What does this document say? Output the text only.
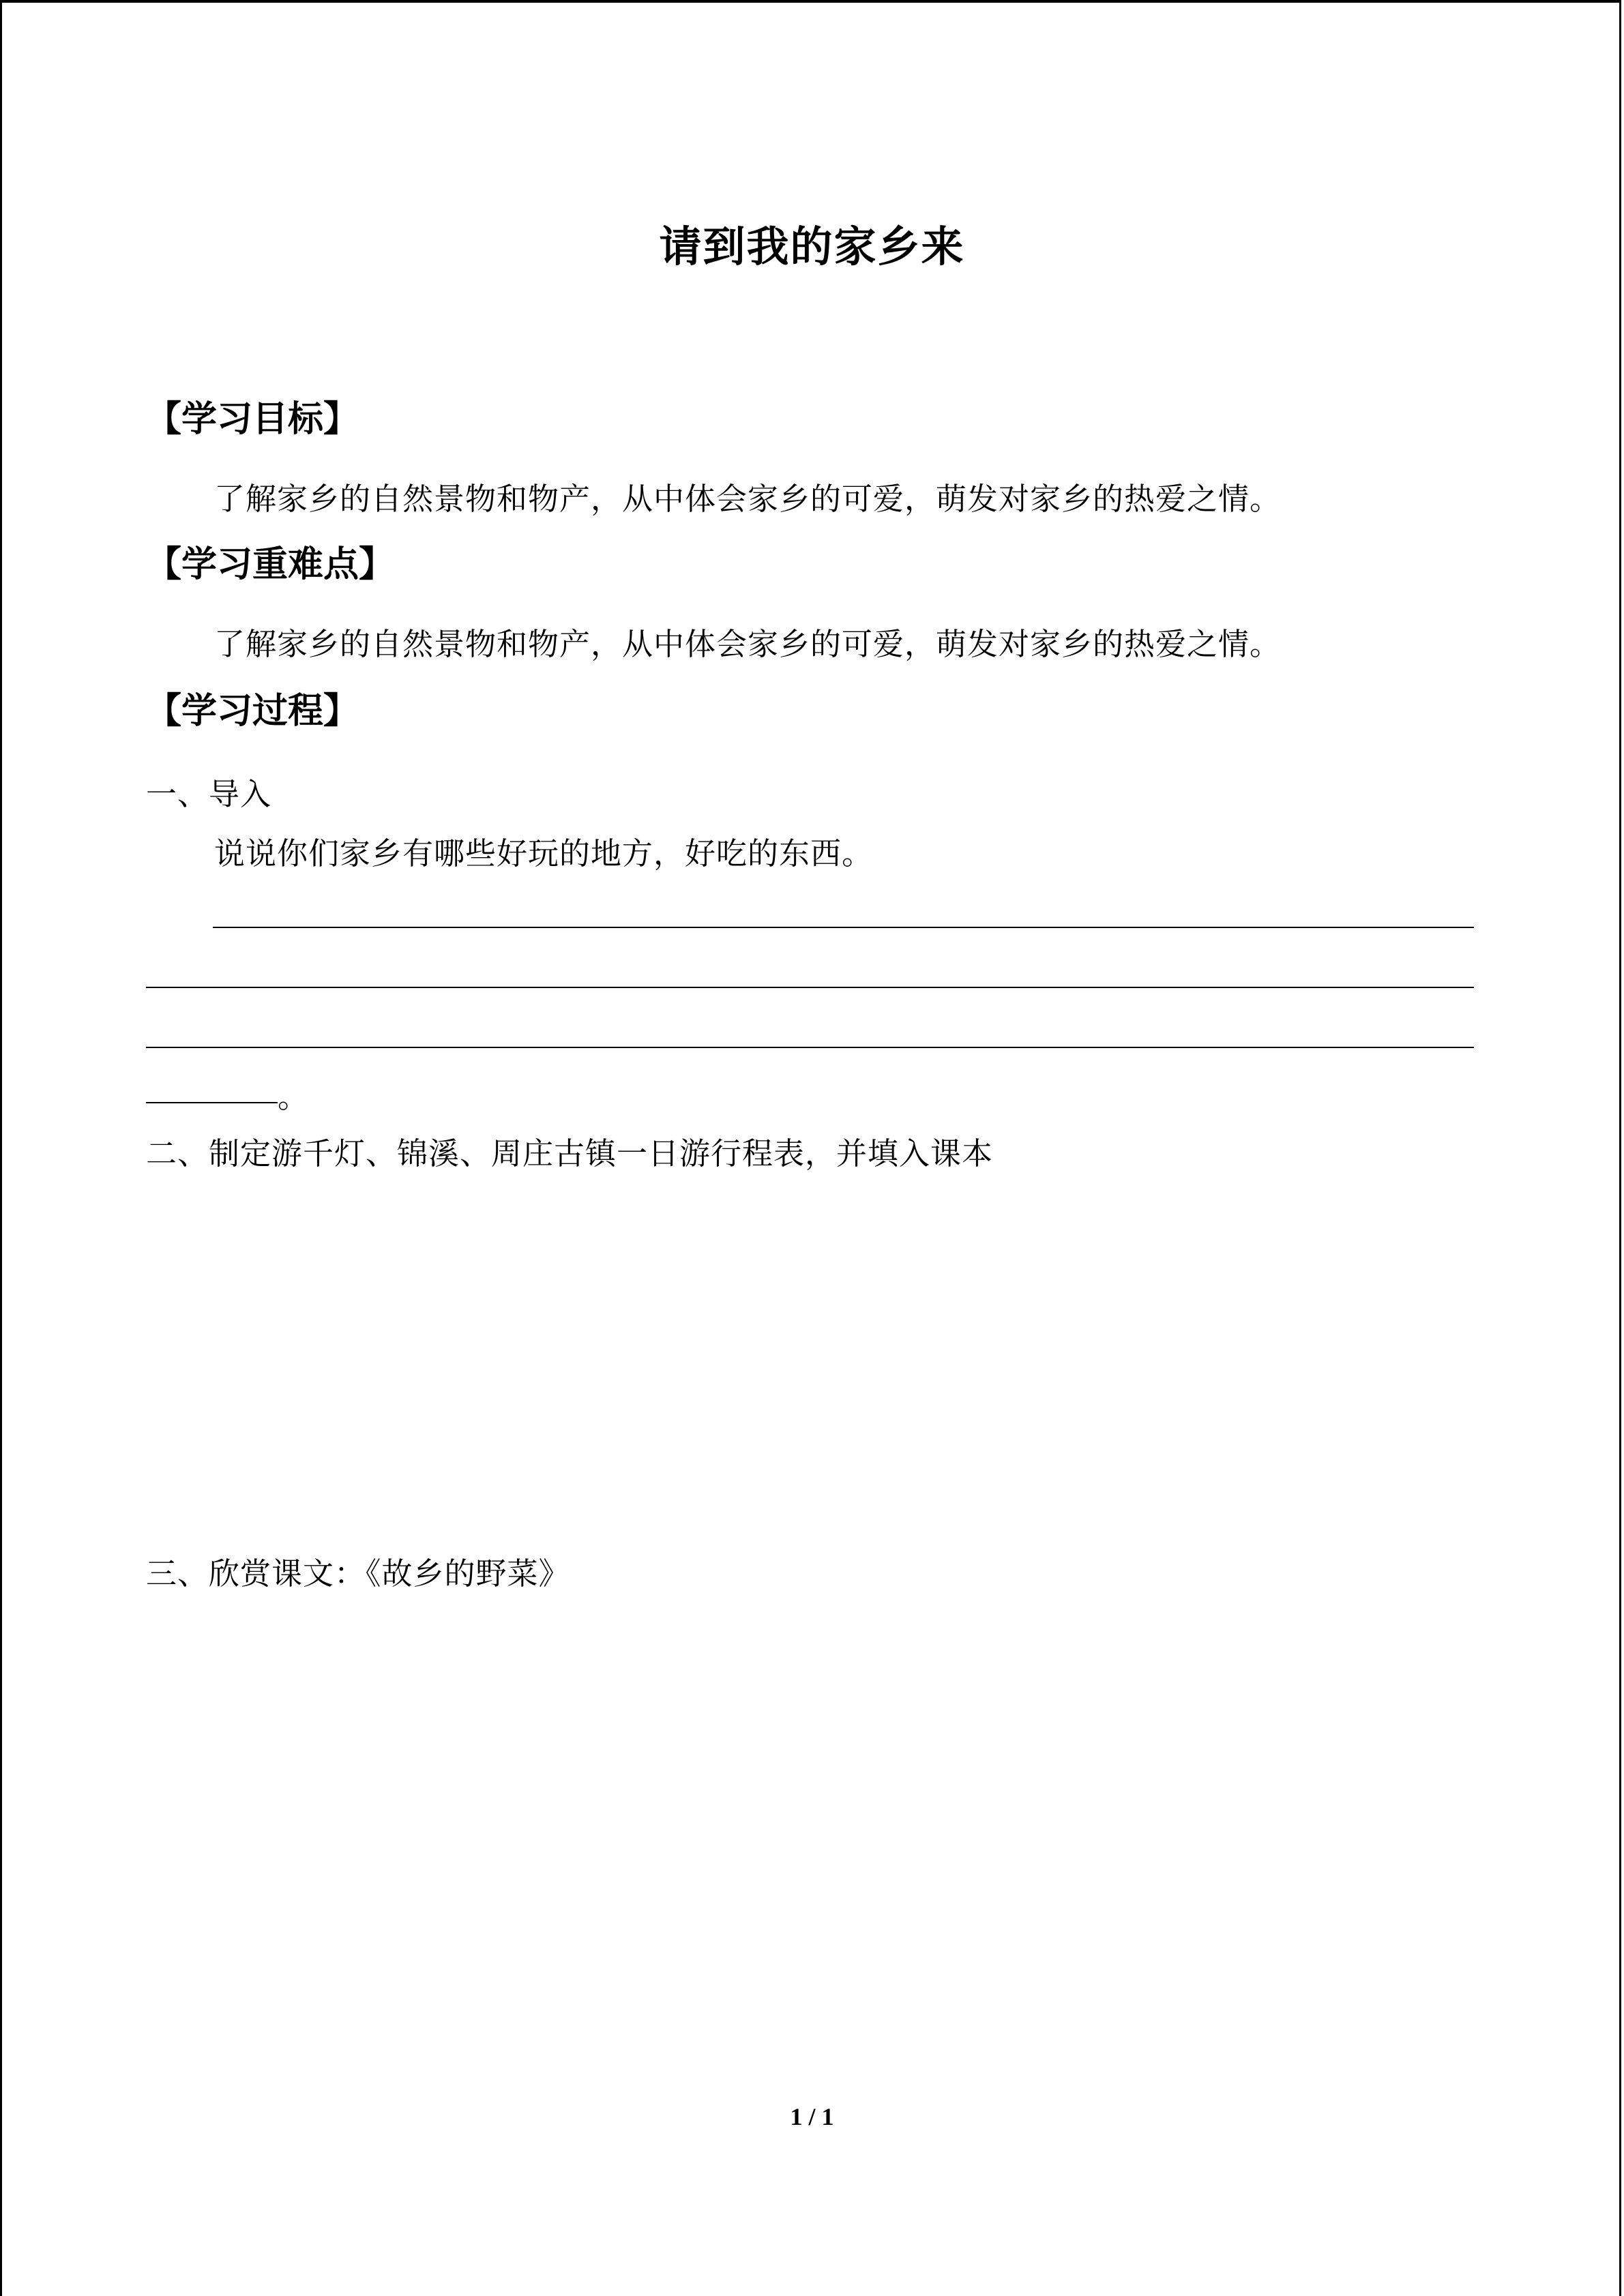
请到我的家乡来
【学习目标】
了解家乡的自然景物和物产，从中体会家乡的可爱，萌发对家乡的热爱之情。
【学习重难点】
了解家乡的自然景物和物产，从中体会家乡的可爱，萌发对家乡的热爱之情。
【学习过程】
一、导入
说说你们家乡有哪些好玩的地方，好吃的东西。
。
二、制定游千灯、锦溪、周庄古镇一日游行程表，并填入课本
三、欣赏课文：《故乡的野菜》
1 / 1
